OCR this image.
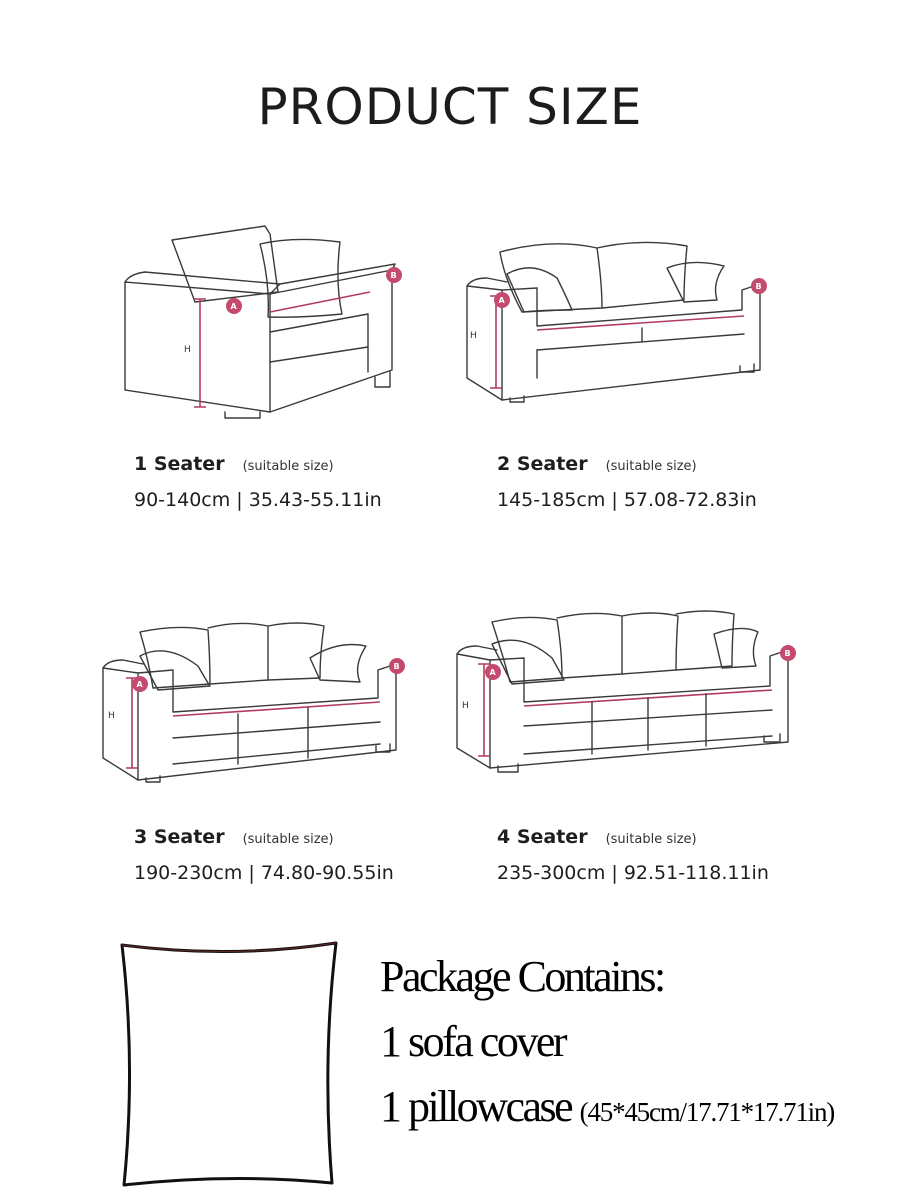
PRODUCT SIZE
H
A
B
H
A
B
1 Seater (suitable size)
90-140cm | 35.43-55.11in
2 Seater (suitable size)
145-185cm | 57.08-72.83in
H
A
B
H
A
B
3 Seater (suitable size)
190-230cm | 74.80-90.55in
4 Seater (suitable size)
235-300cm | 92.51-118.11in
Package Contains:
1 sofa cover
1 pillowcase (45*45cm/17.71*17.71in)
